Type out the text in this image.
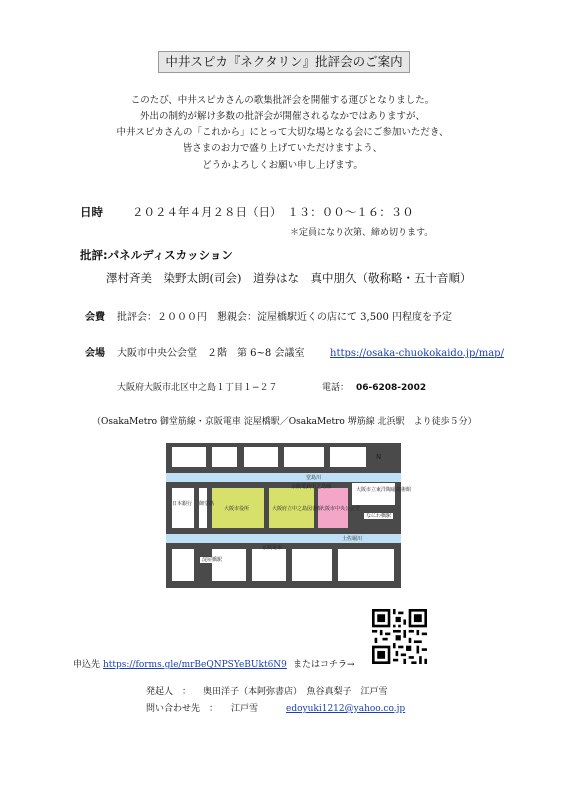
中井スピカ『ネクタリン』批評会のご案内
このたび、中井スピカさんの歌集批評会を開催する運びとなりました。
外出の制約が解け多数の批評会が開催されるなかではありますが、
中井スピカさんの「これから」にとって大切な場となる会にご参加いただき、
皆さまのお力で盛り上げていただけますよう、
どうかよろしくお願い申し上げます。
日時	２０２４年４月２８日（日）　１３：００〜１６：３０
＊定員になり次第、締め切ります。
批評:パネルディスカッション
澤村斉美　染野太朗(司会)　道券はな　真中朋久（敬称略・五十音順）
会費 批評会：２０００円　懇親会：淀屋橋駅近くの店にて 3,500 円程度を予定
会場 大阪市中央公会堂　２階　第 6~8 会議室	https://osaka-chuokokaido.jp/map/
大阪府大阪市北区中之島１丁目１−２７	電話： 06-6208-2002
（OsakaMetro 御堂筋線・京阪電車 淀屋橋駅／OsakaMetro 堺筋線 北浜駅　より徒歩５分）
堂島川
京阪電鉄中之島線
日本銀行 御堂筋
大阪市役所	大阪府立中之島図書館
大阪市中央公会堂
大阪市立東洋陶磁美術館
なにわ橋駅
土佐堀川
京阪電車
淀屋橋駅
N
申込先 https://forms.gle/mrBeQNPSYeBUkt6N9 またはコチラ→
発起人　： 奥田洋子（本阿弥書店）　魚谷真梨子　江戸雪
問い合わせ先　： 江戸雪	edoyuki1212@yahoo.co.jp
